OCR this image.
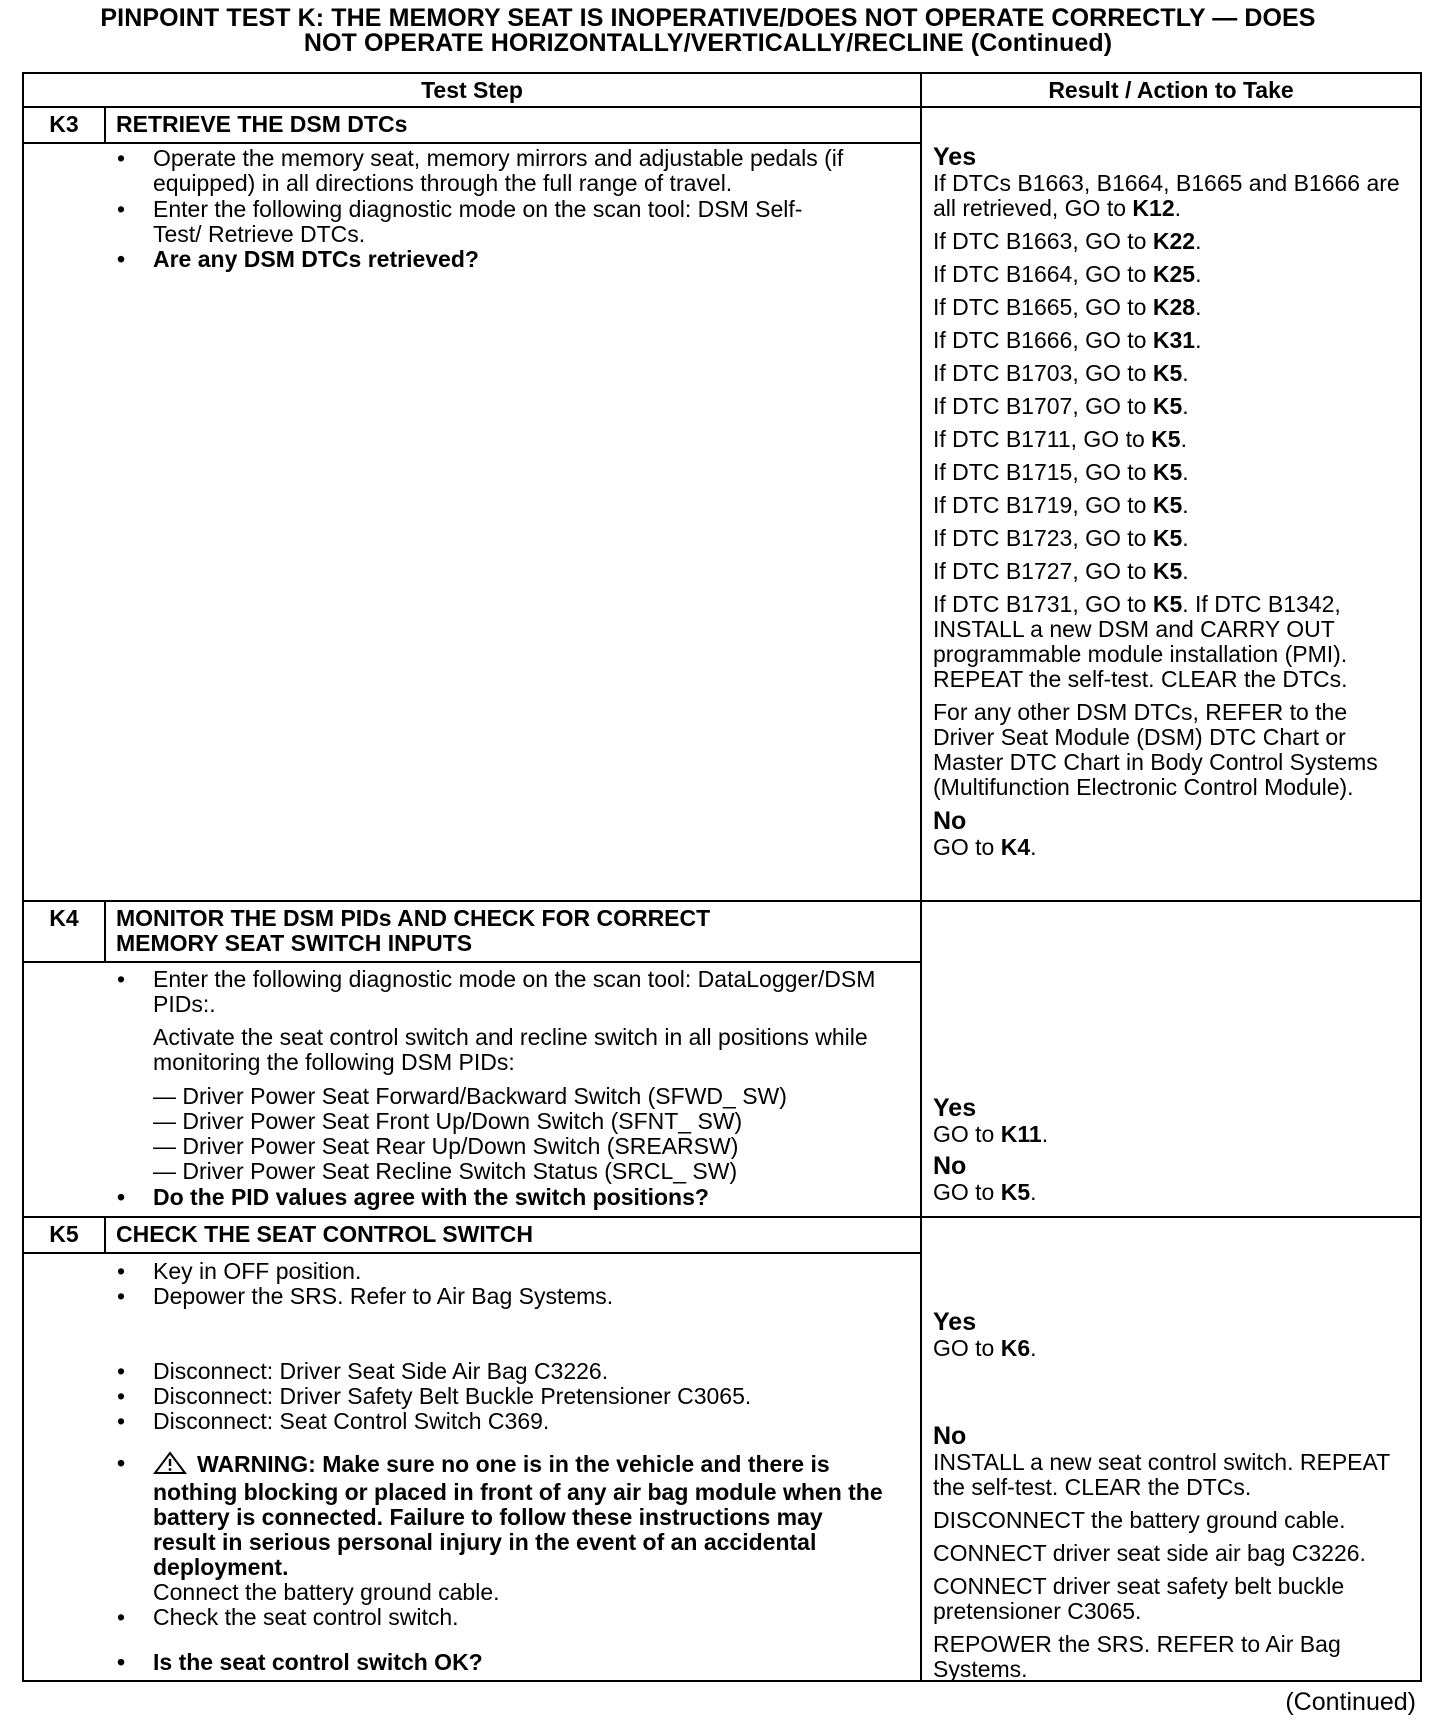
PINPOINT TEST K: THE MEMORY SEAT IS INOPERATIVE/DOES NOT OPERATE CORRECTLY — DOES
NOT OPERATE HORIZONTALLY/VERTICALLY/RECLINE (Continued)
Test Step	Result / Action to Take
K3	RETRIEVE THE DSM DTCs
• Operate the memory seat, memory mirrors and adjustable pedals (if equipped) in all directions through the full range of travel.
• Enter the following diagnostic mode on the scan tool: DSM Self-Test/ Retrieve DTCs.
• Are any DSM DTCs retrieved?
Yes
If DTCs B1663, B1664, B1665 and B1666 are all retrieved, GO to K12.
If DTC B1663, GO to K22.
If DTC B1664, GO to K25.
If DTC B1665, GO to K28.
If DTC B1666, GO to K31.
If DTC B1703, GO to K5.
If DTC B1707, GO to K5.
If DTC B1711, GO to K5.
If DTC B1715, GO to K5.
If DTC B1719, GO to K5.
If DTC B1723, GO to K5.
If DTC B1727, GO to K5.
If DTC B1731, GO to K5. If DTC B1342, INSTALL a new DSM and CARRY OUT programmable module installation (PMI). REPEAT the self-test. CLEAR the DTCs.
For any other DSM DTCs, REFER to the Driver Seat Module (DSM) DTC Chart or Master DTC Chart in Body Control Systems (Multifunction Electronic Control Module).
No
GO to K4.
K4	MONITOR THE DSM PIDs AND CHECK FOR CORRECT
MEMORY SEAT SWITCH INPUTS
• Enter the following diagnostic mode on the scan tool: DataLogger/DSM PIDs:.
Activate the seat control switch and recline switch in all positions while monitoring the following DSM PIDs:
— Driver Power Seat Forward/Backward Switch (SFWD_ SW)
— Driver Power Seat Front Up/Down Switch (SFNT_ SW)
— Driver Power Seat Rear Up/Down Switch (SREARSW)
— Driver Power Seat Recline Switch Status (SRCL_ SW)
• Do the PID values agree with the switch positions?
Yes
GO to K11.
No
GO to K5.
K5	CHECK THE SEAT CONTROL SWITCH
• Key in OFF position.
• Depower the SRS. Refer to Air Bag Systems.
• Disconnect: Driver Seat Side Air Bag C3226.
• Disconnect: Driver Safety Belt Buckle Pretensioner C3065.
• Disconnect: Seat Control Switch C369.
• WARNING: Make sure no one is in the vehicle and there is nothing blocking or placed in front of any air bag module when the battery is connected. Failure to follow these instructions may result in serious personal injury in the event of an accidental deployment.
Connect the battery ground cable.
• Check the seat control switch.
• Is the seat control switch OK?
Yes
GO to K6.
No
INSTALL a new seat control switch. REPEAT the self-test. CLEAR the DTCs.
DISCONNECT the battery ground cable.
CONNECT driver seat side air bag C3226.
CONNECT driver seat safety belt buckle pretensioner C3065.
REPOWER the SRS. REFER to Air Bag Systems.
(Continued)
